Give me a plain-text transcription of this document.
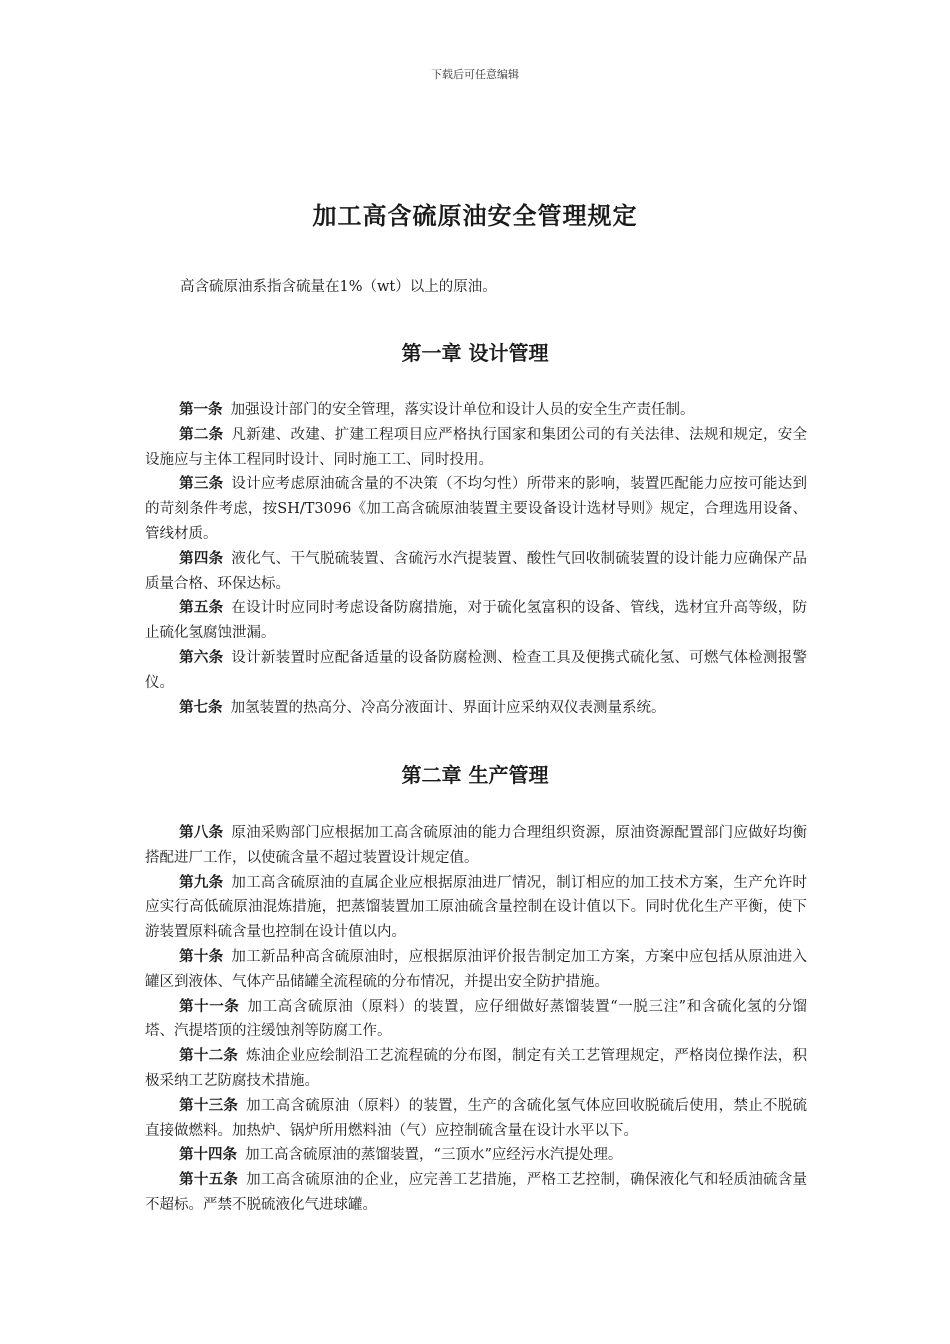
下载后可任意编辑
加工高含硫原油安全管理规定
高含硫原油系指含硫量在1%（wt）以上的原油。
第一章 设计管理

第一条 加强设计部门的安全管理，落实设计单位和设计人员的安全生产责任制。

第二条 凡新建、改建、扩建工程项目应严格执行国家和集团公司的有关法律、法规和规定，安全设施应与主体工程同时设计、同时施工工、同时投用。

第三条 设计应考虑原油硫含量的不决策（不均匀性）所带来的影响，装置匹配能力应按可能达到的苛刻条件考虑，按SH/T3096《加工高含硫原油装置主要设备设计选材导则》规定，合理选用设备、管线材质。

第四条 液化气、干气脱硫装置、含硫污水汽提装置、酸性气回收制硫装置的设计能力应确保产品质量合格、环保达标。

第五条 在设计时应同时考虑设备防腐措施，对于硫化氢富积的设备、管线，选材宜升高等级，防止硫化氢腐蚀泄漏。

第六条 设计新装置时应配备适量的设备防腐检测、检查工具及便携式硫化氢、可燃气体检测报警仪。

第七条 加氢装置的热高分、冷高分液面计、界面计应采纳双仪表测量系统。

第二章 生产管理

第八条 原油采购部门应根据加工高含硫原油的能力合理组织资源，原油资源配置部门应做好均衡搭配进厂工作，以使硫含量不超过装置设计规定值。

第九条 加工高含硫原油的直属企业应根据原油进厂情况，制订相应的加工技术方案，生产允许时应实行高低硫原油混炼措施，把蒸馏装置加工原油硫含量控制在设计值以下。同时优化生产平衡，使下游装置原料硫含量也控制在设计值以内。

第十条 加工新品种高含硫原油时，应根据原油评价报告制定加工方案，方案中应包括从原油进入罐区到液体、气体产品储罐全流程硫的分布情况，并提出安全防护措施。

第十一条 加工高含硫原油（原料）的装置，应仔细做好蒸馏装置“一脱三注”和含硫化氢的分馏塔、汽提塔顶的注缓蚀剂等防腐工作。

第十二条 炼油企业应绘制沿工艺流程硫的分布图，制定有关工艺管理规定，严格岗位操作法，积极采纳工艺防腐技术措施。

第十三条 加工高含硫原油（原料）的装置，生产的含硫化氢气体应回收脱硫后使用，禁止不脱硫直接做燃料。加热炉、锅炉所用燃料油（气）应控制硫含量在设计水平以下。

第十四条 加工高含硫原油的蒸馏装置，“三顶水”应经污水汽提处理。

第十五条 加工高含硫原油的企业，应完善工艺措施，严格工艺控制，确保液化气和轻质油硫含量不超标。严禁不脱硫液化气进球罐。
